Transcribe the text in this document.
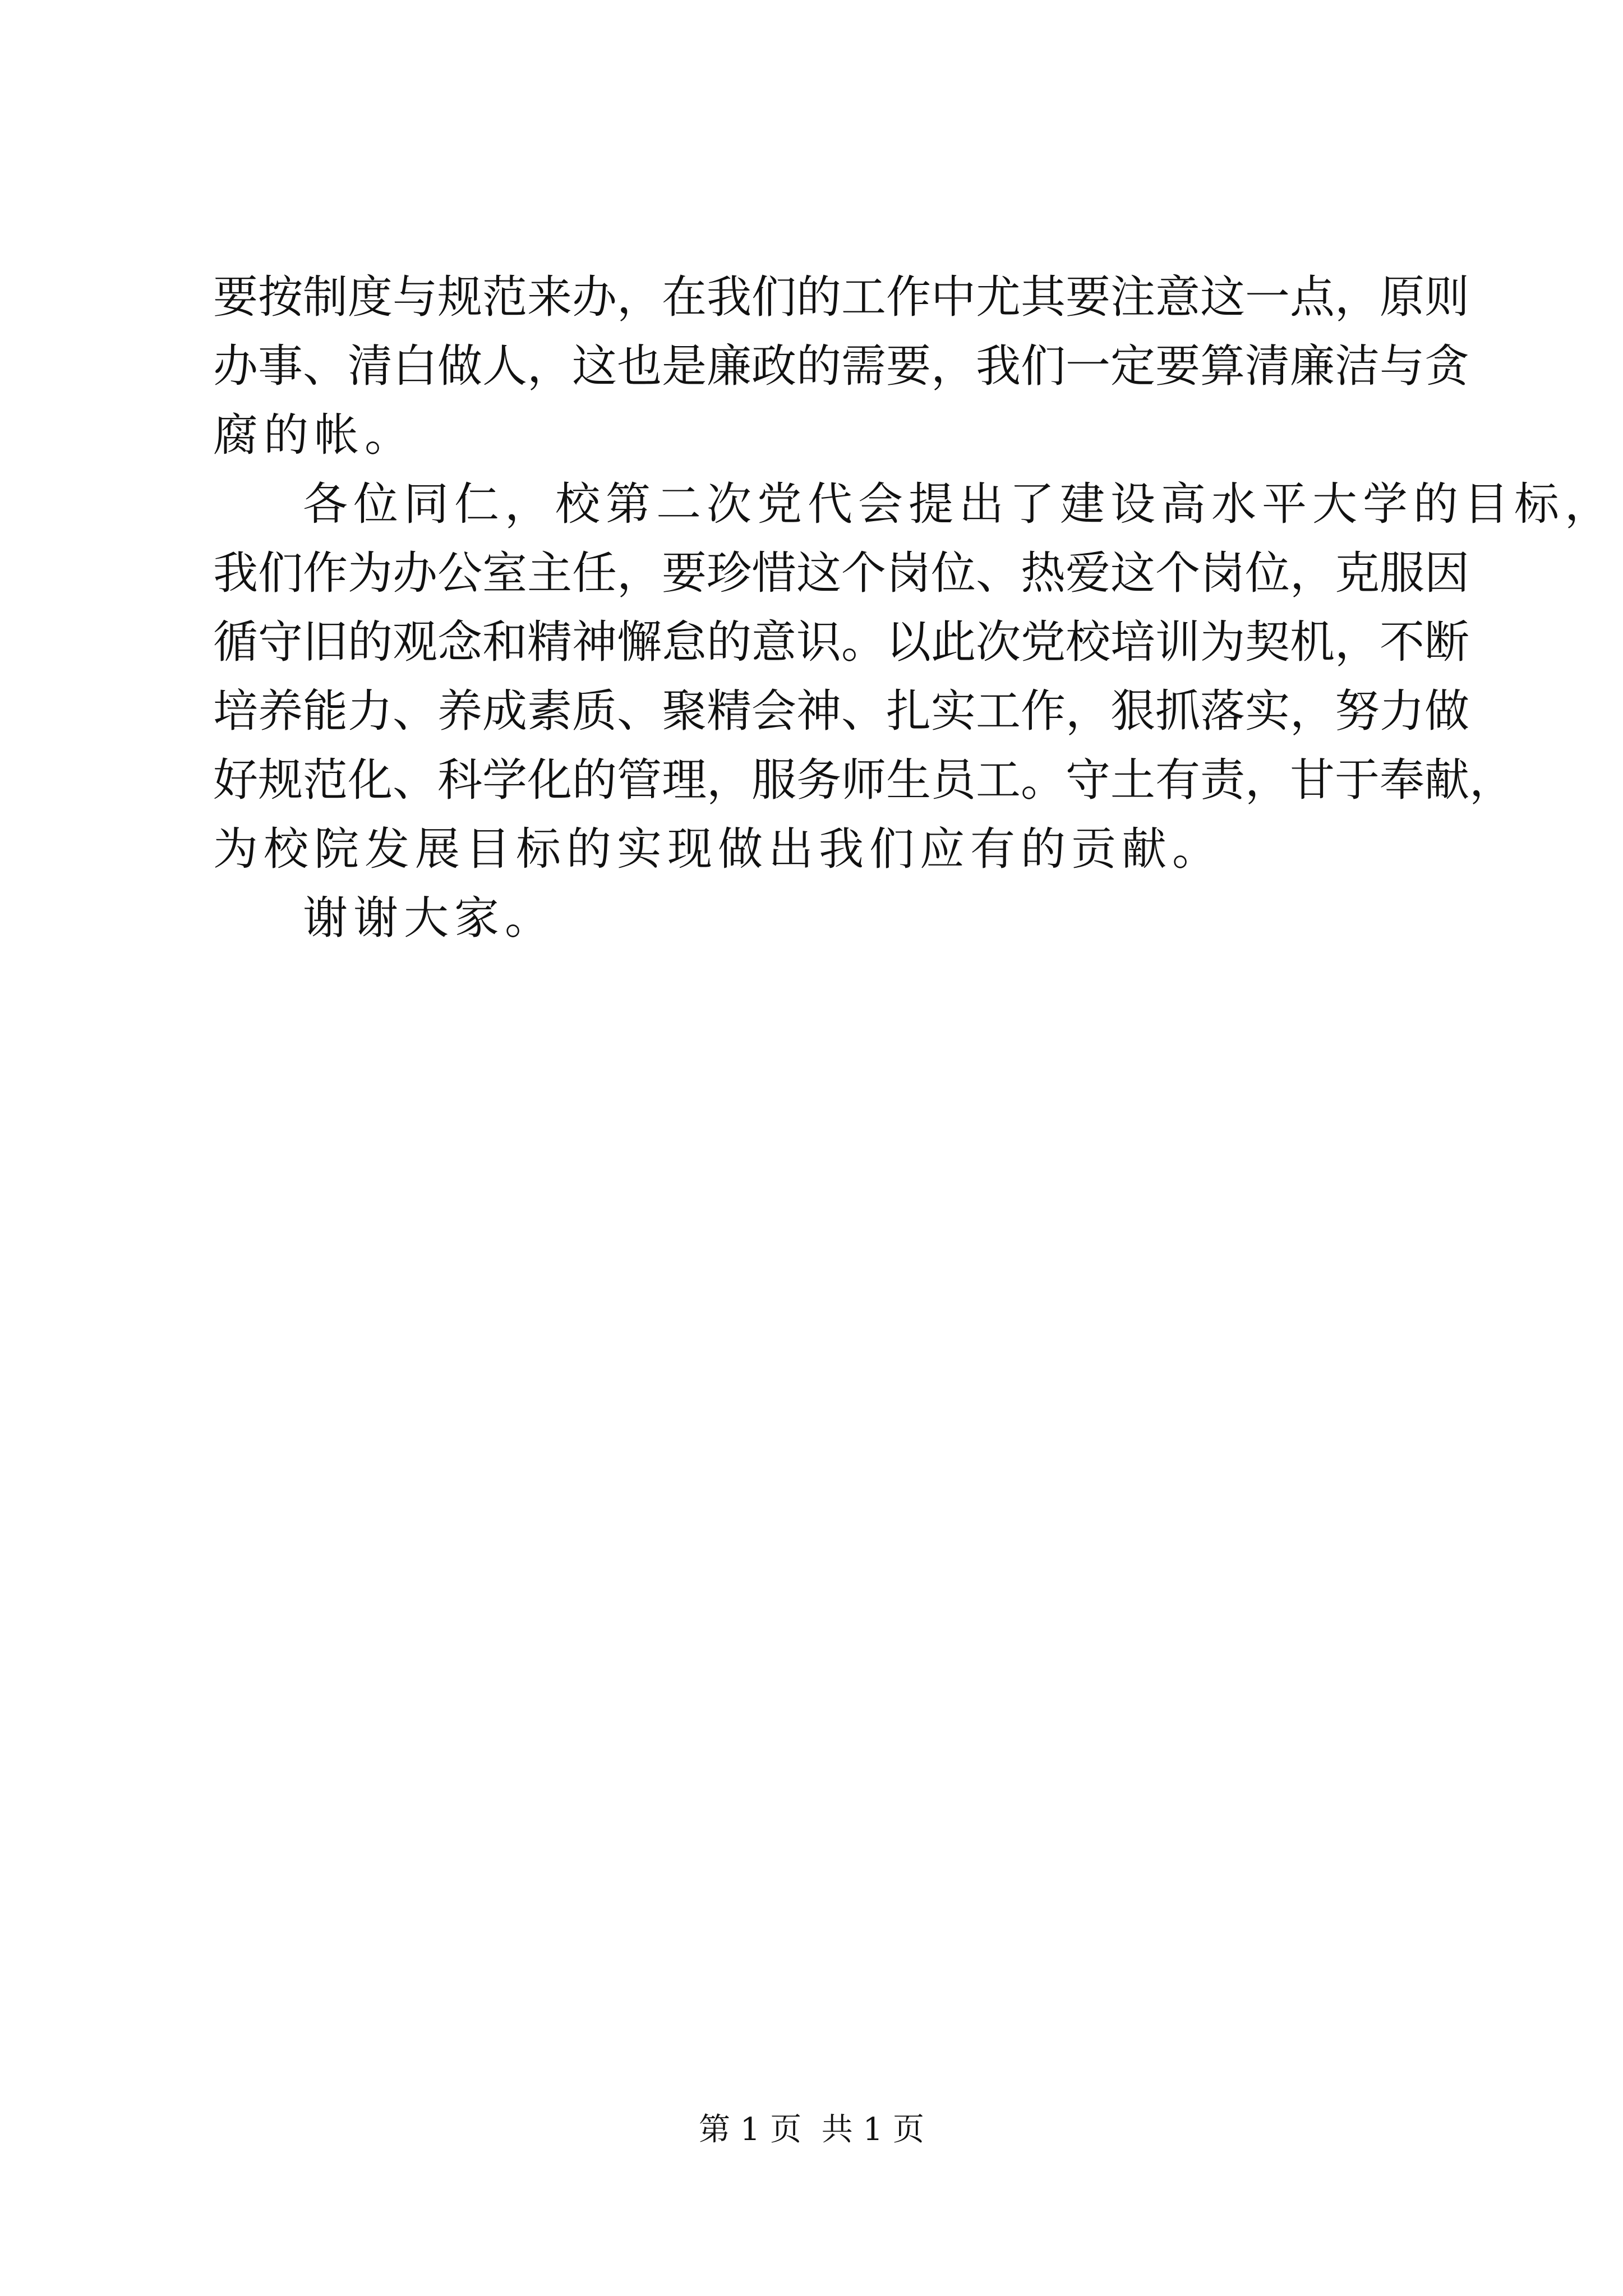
要按制度与规范来办，在我们的工作中尤其要注意这一点，原则
办事、清白做人，这也是廉政的需要，我们一定要算清廉洁与贪
腐的帐。
各位同仁，校第二次党代会提出了建设高水平大学的目标，
我们作为办公室主任，要珍惜这个岗位、热爱这个岗位，克服因
循守旧的观念和精神懈怠的意识。以此次党校培训为契机，不断
培养能力、养成素质、聚精会神、扎实工作，狠抓落实，努力做
好规范化、科学化的管理，服务师生员工。守土有责，甘于奉献，
为校院发展目标的实现做出我们应有的贡献。
谢谢大家。
第 1 页  共 1 页
